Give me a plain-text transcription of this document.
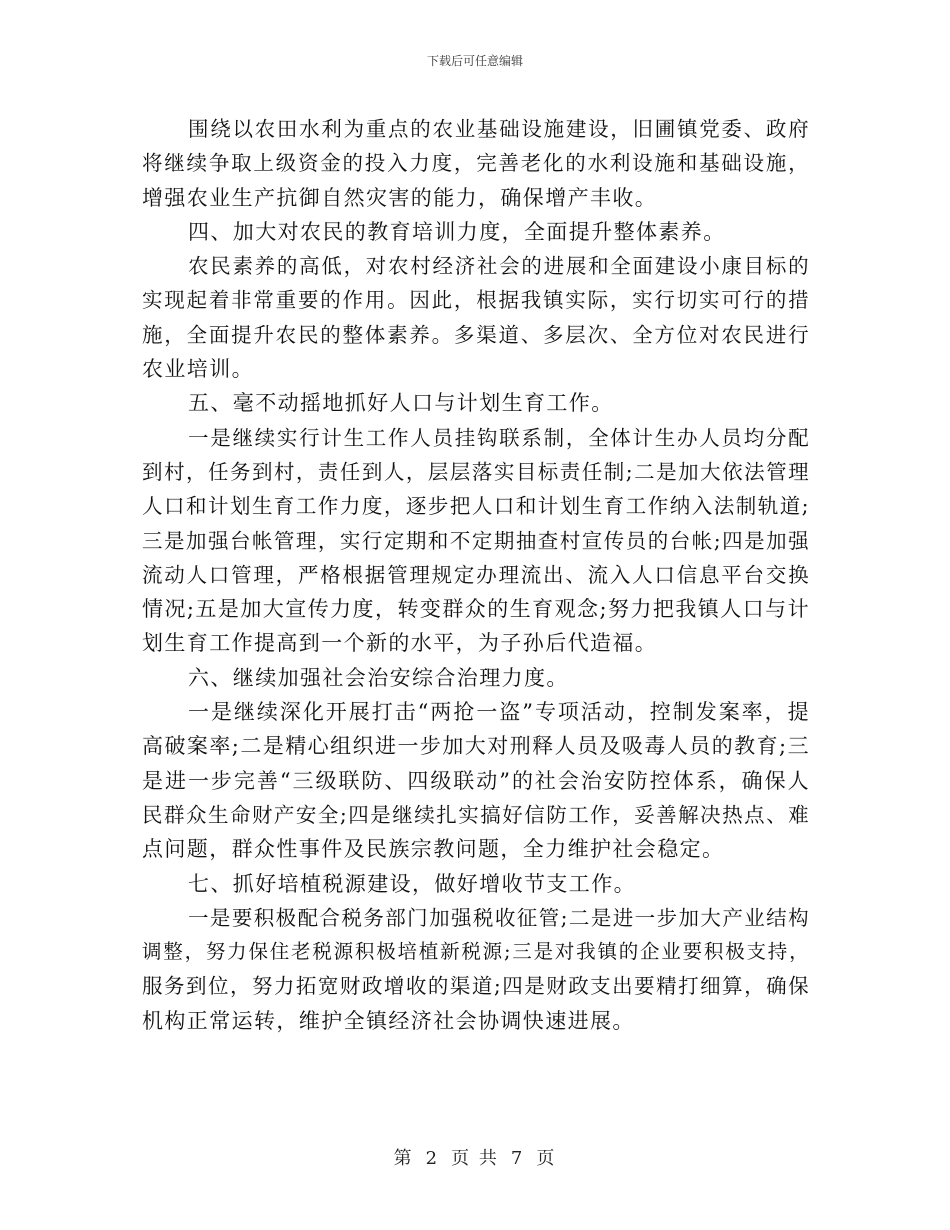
下载后可任意编辑
围绕以农田水利为重点的农业基础设施建设，旧圃镇党委、政府
将继续争取上级资金的投入力度，完善老化的水利设施和基础设施，
增强农业生产抗御自然灾害的能力，确保增产丰收。
四、加大对农民的教育培训力度，全面提升整体素养。
农民素养的高低，对农村经济社会的进展和全面建设小康目标的
实现起着非常重要的作用。因此，根据我镇实际，实行切实可行的措
施，全面提升农民的整体素养。多渠道、多层次、全方位对农民进行
农业培训。
五、毫不动摇地抓好人口与计划生育工作。
一是继续实行计生工作人员挂钩联系制，全体计生办人员均分配
到村，任务到村，责任到人，层层落实目标责任制;二是加大依法管理
人口和计划生育工作力度，逐步把人口和计划生育工作纳入法制轨道;
三是加强台帐管理，实行定期和不定期抽查村宣传员的台帐;四是加强
流动人口管理，严格根据管理规定办理流出、流入人口信息平台交换
情况;五是加大宣传力度，转变群众的生育观念;努力把我镇人口与计
划生育工作提高到一个新的水平，为子孙后代造福。
六、继续加强社会治安综合治理力度。
一是继续深化开展打击“两抢一盗”专项活动，控制发案率，提
高破案率;二是精心组织进一步加大对刑释人员及吸毒人员的教育;三
是进一步完善“三级联防、四级联动”的社会治安防控体系，确保人
民群众生命财产安全;四是继续扎实搞好信防工作，妥善解决热点、难
点问题，群众性事件及民族宗教问题，全力维护社会稳定。
七、抓好培植税源建设，做好增收节支工作。
一是要积极配合税务部门加强税收征管;二是进一步加大产业结构
调整，努力保住老税源积极培植新税源;三是对我镇的企业要积极支持，
服务到位，努力拓宽财政增收的渠道;四是财政支出要精打细算，确保
机构正常运转，维护全镇经济社会协调快速进展。
第 2 页 共 7 页
